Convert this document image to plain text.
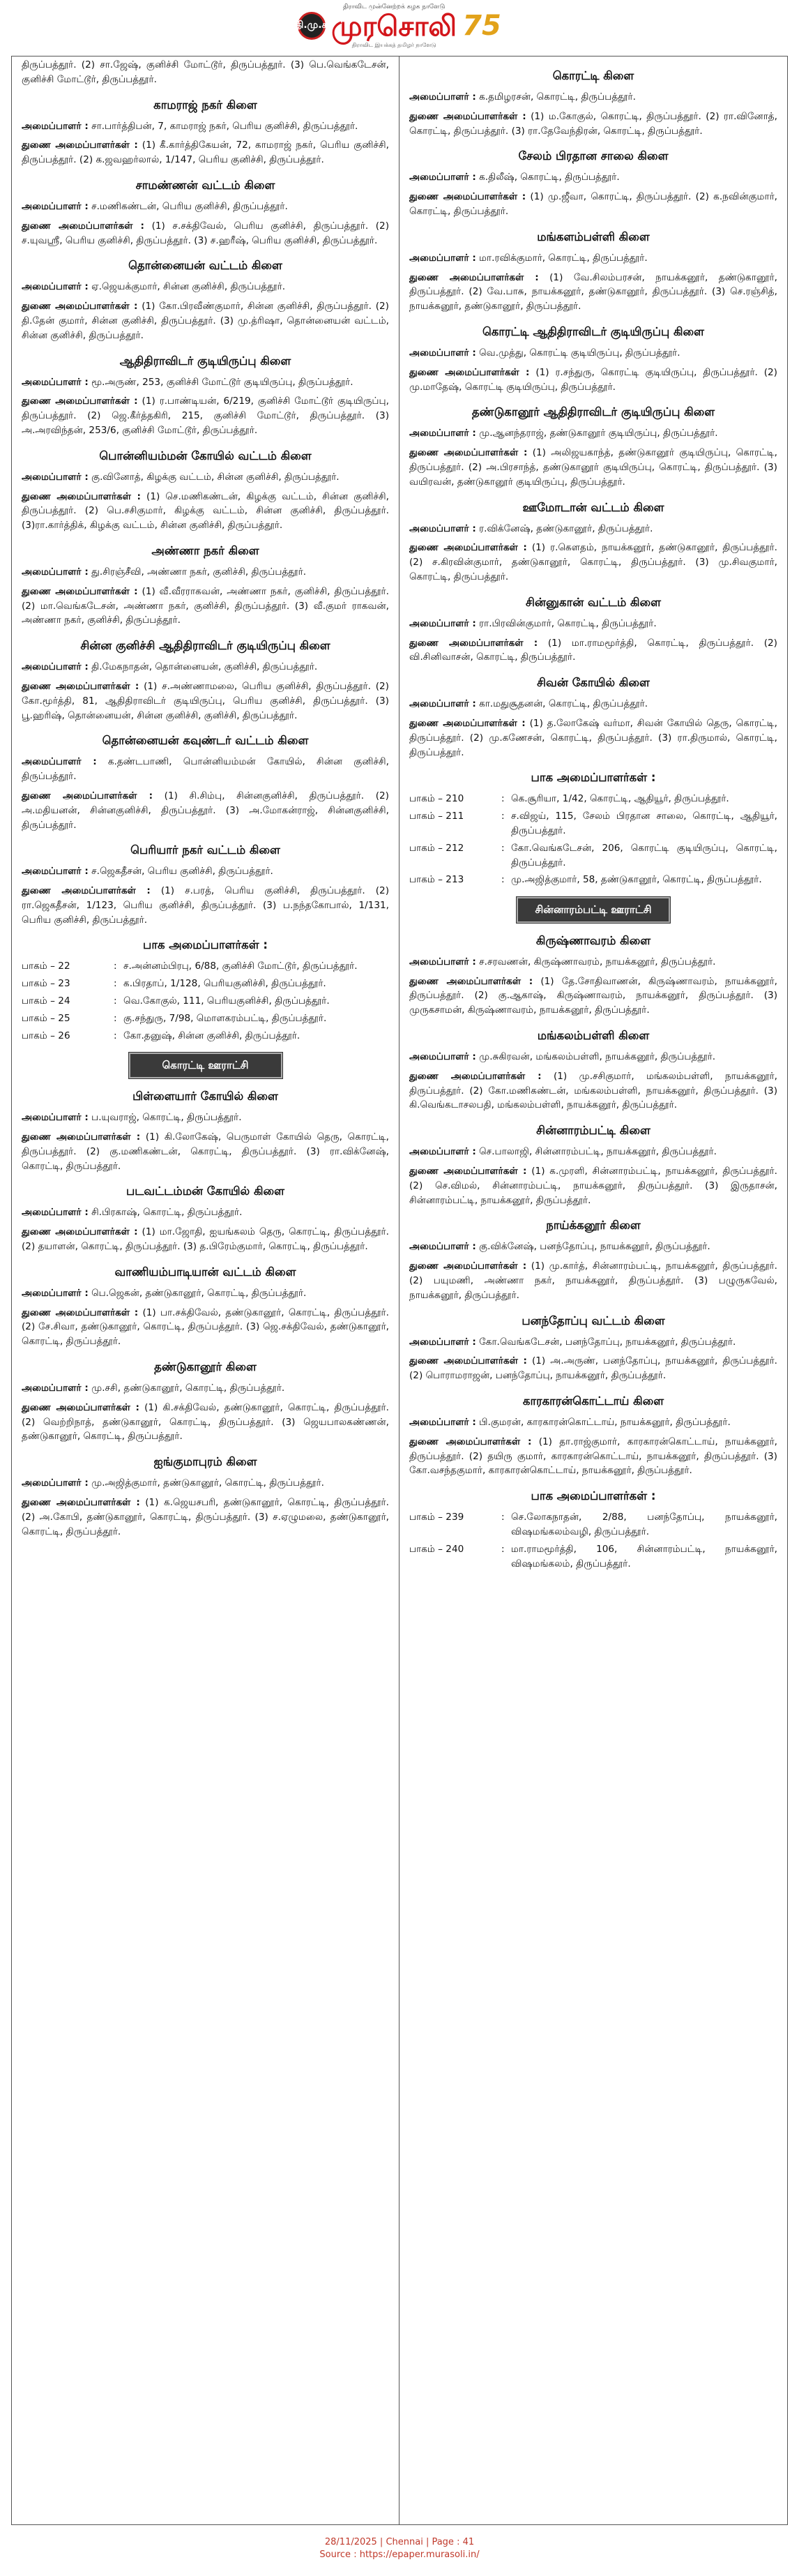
தி.மு.க
திராவிட முன்னேற்றக் கழக நாளேடு
முரசொலி
திராவிட இயக்கத் தமிழர் நாளேடு
75
திருப்பத்தூர். (2) சா.ஜேஷ், குனிச்சி மோட்டூர், திருப்பத்தூர். (3) பெ.வெங்கடேசன், குனிச்சி மோட்டூர், திருப்பத்தூர்.
காமராஜ் நகர் கிளை
அமைப்பாளர் : சா.பார்த்திபன், 7, காமராஜ் நகர், பெரிய குனிச்சி, திருப்பத்தூர்.
துணை அமைப்பாளர்கள் : (1) கீ.கார்த்திகேயன், 72, காமராஜ் நகர், பெரிய குனிச்சி, திருப்பத்தூர். (2) க.ஜவஹர்லால், 1/147, பெரிய குனிச்சி, திருப்பத்தூர்.
சாமண்ணன் வட்டம் கிளை
அமைப்பாளர் : ச.மணிகண்டன், பெரிய குனிச்சி, திருப்பத்தூர்.
துணை அமைப்பாளர்கள் : (1) ச.சக்திவேல், பெரிய குனிச்சி, திருப்பத்தூர். (2) ச.யுவஸ்ரீ, பெரிய குனிச்சி, திருப்பத்தூர். (3) ச.ஹரீஷ், பெரிய குனிச்சி, திருப்பத்தூர்.
தொன்னையன் வட்டம் கிளை
அமைப்பாளர் : ஏ.ஜெயக்குமார், சின்ன குனிச்சி, திருப்பத்தூர்.
துணை அமைப்பாளர்கள் : (1) கோ.பிரவீண்குமார், சின்ன குனிச்சி, திருப்பத்தூர். (2) தி.தேன் குமார், சின்ன குனிச்சி, திருப்பத்தூர். (3) மு.த்ரிஷா, தொன்னையன் வட்டம், சின்ன குனிச்சி, திருப்பத்தூர்.
ஆதிதிராவிடர் குடியிருப்பு கிளை
அமைப்பாளர் : மூ.அருண், 253, குனிச்சி மோட்டூர் குடியிருப்பு, திருப்பத்தூர்.
துணை அமைப்பாளர்கள் : (1) ர.பாண்டியன், 6/219, குனிச்சி மோட்டூர் குடியிருப்பு, திருப்பத்தூர். (2) ஜெ.கீர்த்தகிரி, 215, குனிச்சி மோட்டூர், திருப்பத்தூர். (3) அ.அரவிந்தன், 253/6, குனிச்சி மோட்டூர், திருப்பத்தூர்.
பொன்னியம்மன் கோயில் வட்டம் கிளை
அமைப்பாளர் : கு.வினோத், கிழக்கு வட்டம், சின்ன குனிச்சி, திருப்பத்தூர்.
துணை அமைப்பாளர்கள் : (1) செ.மணிகண்டன், கிழக்கு வட்டம், சின்ன குனிச்சி, திருப்பத்தூர். (2) பெ.சசிகுமார், கிழக்கு வட்டம், சின்ன குனிச்சி, திருப்பத்தூர். (3)ரா.கார்த்திக், கிழக்கு வட்டம், சின்ன குனிச்சி, திருப்பத்தூர்.
அண்ணா நகர் கிளை
அமைப்பாளர் : து.சிரஞ்சீவி, அண்ணா நகர், குனிச்சி, திருப்பத்தூர்.
துணை அமைப்பாளர்கள் : (1) வீ.வீரராகவன், அண்ணா நகர், குனிச்சி, திருப்பத்தூர். (2) மா.வெங்கடேசன், அண்ணா நகர், குனிச்சி, திருப்பத்தூர். (3) வீ.குமர் ராகவன், அண்ணா நகர், குனிச்சி, திருப்பத்தூர்.
சின்ன குனிச்சி ஆதிதிராவிடர் குடியிருப்பு கிளை
அமைப்பாளர் : தி.மேகநாதன், தொன்னையன், குனிச்சி, திருப்பத்தூர்.
துணை அமைப்பாளர்கள் : (1) ச.அண்ணாமலை, பெரிய குனிச்சி, திருப்பத்தூர். (2) கோ.மூர்த்தி, 81, ஆதிதிராவிடர் குடியிருப்பு, பெரிய குனிச்சி, திருப்பத்தூர். (3) பூ.ஹரிஷ், தொன்னையன், சின்ன குனிச்சி, குனிச்சி, திருப்பத்தூர்.
தொன்னையன் கவுண்டர் வட்டம் கிளை
அமைப்பாளர் : க.தண்டபாணி, பொன்னியம்மன் கோயில், சின்ன குனிச்சி, திருப்பத்தூர்.
துணை அமைப்பாளர்கள் : (1) சி.சிம்பு, சின்னகுனிச்சி, திருப்பத்தூர். (2) அ.மதியனன், சின்னகுனிச்சி, திருப்பத்தூர். (3) அ.மோகன்ராஜ், சின்னகுனிச்சி, திருப்பத்தூர்.
பெரியார் நகர் வட்டம் கிளை
அமைப்பாளர் : ச.ஜெகதீசன், பெரிய குனிச்சி, திருப்பத்தூர்.
துணை அமைப்பாளர்கள் : (1) ச.பரத், பெரிய குனிச்சி, திருப்பத்தூர். (2) ரா.ஜெகதீசன், 1/123, பெரிய குனிச்சி, திருப்பத்தூர். (3) ப.நந்தகோபால், 1/131, பெரிய குனிச்சி, திருப்பத்தூர்.
பாக அமைப்பாளர்கள் :
பாகம் – 22	: ச.அன்னம்பிரபு, 6/88, குனிச்சி மோட்டூர், திருப்பத்தூர்.
பாகம் – 23	: க.பிரதாப், 1/128, பெரியகுனிச்சி, திருப்பத்தூர்.
பாகம் – 24	: வெ.கோகுல், 111, பெரியகுனிச்சி, திருப்பத்தூர்.
பாகம் – 25	: கு.சந்துரு, 7/98, மொளகரம்பட்டி, திருப்பத்தூர்.
பாகம் – 26	: கோ.தனுஷ், சின்ன குனிச்சி, திருப்பத்தூர்.
கொரட்டி ஊராட்சி
பிள்ளையார் கோயில் கிளை
அமைப்பாளர் : ப.யுவராஜ், கொரட்டி, திருப்பத்தூர்.
துணை அமைப்பாளர்கள் : (1) கி.லோகேஷ், பெருமாள் கோயில் தெரு, கொரட்டி, திருப்பத்தூர். (2) கு.மணிகண்டன், கொரட்டி, திருப்பத்தூர். (3) ரா.விக்னேஷ், கொரட்டி, திருப்பத்தூர்.
படவட்டம்மன் கோயில் கிளை
அமைப்பாளர் : சி.பிரகாஷ், கொரட்டி, திருப்பத்தூர்.
துணை அமைப்பாளர்கள் : (1) மா.ஜோதி, ஐயங்கலம் தெரு, கொரட்டி, திருப்பத்தூர். (2) தயாளன், கொரட்டி, திருப்பத்தூர். (3) த.பிரேம்குமார், கொரட்டி, திருப்பத்தூர்.
வாணியம்பாடியான் வட்டம் கிளை
அமைப்பாளர் : பெ.ஜெகன், தண்டுகானூர், கொரட்டி, திருப்பத்தூர்.
துணை அமைப்பாளர்கள் : (1) பா.சக்திவேல், தண்டுகானூர், கொரட்டி, திருப்பத்தூர். (2) சே.சிவா, தண்டுகானூர், கொரட்டி, திருப்பத்தூர். (3) ஜெ.சக்திவேல், தண்டுகானூர், கொரட்டி, திருப்பத்தூர்.
தண்டுகானூர் கிளை
அமைப்பாளர் : மு.சசி, தண்டுகானூர், கொரட்டி, திருப்பத்தூர்.
துணை அமைப்பாளர்கள் : (1) கி.சக்திவேல், தண்டுகானூர், கொரட்டி, திருப்பத்தூர். (2) வெற்றிநாத், தண்டுகானூர், கொரட்டி, திருப்பத்தூர். (3) ஜெயபாலகண்ணன், தண்டுகானூர், கொரட்டி, திருப்பத்தூர்.
ஐங்குமாபுரம் கிளை
அமைப்பாளர் : மு.அஜித்குமார், தண்டுகானூர், கொரட்டி, திருப்பத்தூர்.
துணை அமைப்பாளர்கள் : (1) க.ஜெயசபரி, தண்டுகானூர், கொரட்டி, திருப்பத்தூர். (2) அ.கோபி, தண்டுகானூர், கொரட்டி, திருப்பத்தூர். (3) ச.ஏழுமலை, தண்டுகானூர், கொரட்டி, திருப்பத்தூர்.
கொரட்டி கிளை
அமைப்பாளர் : க.தமிழரசன், கொரட்டி, திருப்பத்தூர்.
துணை அமைப்பாளர்கள் : (1) ம.கோகுல், கொரட்டி, திருப்பத்தூர். (2) ரா.வினோத், கொரட்டி, திருப்பத்தூர். (3) ரா.தேவேந்திரன், கொரட்டி, திருப்பத்தூர்.
சேலம் பிரதான சாலை கிளை
அமைப்பாளர் : க.திலீஷ், கொரட்டி, திருப்பத்தூர்.
துணை அமைப்பாளர்கள் : (1) மு.ஜீவா, கொரட்டி, திருப்பத்தூர். (2) க.நவின்குமார், கொரட்டி, திருப்பத்தூர்.
மங்களம்பள்ளி கிளை
அமைப்பாளர் : மா.ரவிக்குமார், கொரட்டி, திருப்பத்தூர்.
துணை அமைப்பாளர்கள் : (1) வே.சிலம்பரசன், நாயக்கனூர், தண்டுகானூர், திருப்பத்தூர். (2) வே.பாசு, நாயக்கனூர், தண்டுகானூர், திருப்பத்தூர். (3) செ.ரஞ்சித், நாயக்கனூர், தண்டுகானூர், திருப்பத்தூர்.
கொரட்டி ஆதிதிராவிடர் குடியிருப்பு கிளை
அமைப்பாளர் : வெ.முத்து, கொரட்டி குடியிருப்பு, திருப்பத்தூர்.
துணை அமைப்பாளர்கள் : (1) ர.சந்துரு, கொரட்டி குடியிருப்பு, திருப்பத்தூர். (2) மு.மாதேஷ், கொரட்டி குடியிருப்பு, திருப்பத்தூர்.
தண்டுகானூர் ஆதிதிராவிடர் குடியிருப்பு கிளை
அமைப்பாளர் : மு.ஆனந்தராஜ், தண்டுகானூர் குடியிருப்பு, திருப்பத்தூர்.
துணை அமைப்பாளர்கள் : (1) அலிஜயகாந்த், தண்டுகானூர் குடியிருப்பு, கொரட்டி, திருப்பத்தூர். (2) அ.பிரசாந்த், தண்டுகானூர் குடியிருப்பு, கொரட்டி, திருப்பத்தூர். (3) வயிரவன், தண்டுகானூர் குடியிருப்பு, திருப்பத்தூர்.
ஊமோடான் வட்டம் கிளை
அமைப்பாளர் : ர.விக்னேஷ், தண்டுகானூர், திருப்பத்தூர்.
துணை அமைப்பாளர்கள் : (1) ர.கௌதம், நாயக்கனூர், தண்டுகானூர், திருப்பத்தூர். (2) ச.கிரவின்குமார், தண்டுகானூர், கொரட்டி, திருப்பத்தூர். (3) மு.சிவகுமார், கொரட்டி, திருப்பத்தூர்.
சின்னுகான் வட்டம் கிளை
அமைப்பாளர் : ரா.பிரவின்குமார், கொரட்டி, திருப்பத்தூர்.
துணை அமைப்பாளர்கள் : (1) மா.ராமமூர்த்தி, கொரட்டி, திருப்பத்தூர். (2) வி.சினிவாசன், கொரட்டி, திருப்பத்தூர்.
சிவன் கோயில் கிளை
அமைப்பாளர் : கா.மதுசூதனன், கொரட்டி, திருப்பத்தூர்.
துணை அமைப்பாளர்கள் : (1) த.லோகேஷ் வர்மா, சிவன் கோயில் தெரு, கொரட்டி, திருப்பத்தூர். (2) மு.கணேசன், கொரட்டி, திருப்பத்தூர். (3) ரா.திருமால், கொரட்டி, திருப்பத்தூர்.
பாக அமைப்பாளர்கள் :
பாகம் – 210	: கெ.சூரியா, 1/42, கொரட்டி, ஆதியூர், திருப்பத்தூர்.
பாகம் – 211	: ச.விஜய், 115, சேலம் பிரதான சாலை, கொரட்டி, ஆதியூர், திருப்பத்தூர்.
பாகம் – 212	: கோ.வெங்கடேசன், 206, கொரட்டி குடியிருப்பு, கொரட்டி, திருப்பத்தூர்.
பாகம் – 213	: மு.அஜித்குமார், 58, தண்டுகானூர், கொரட்டி, திருப்பத்தூர்.
சின்னாரம்பட்டி ஊராட்சி
கிருஷ்ணாவரம் கிளை
அமைப்பாளர் : ச.சரவணன், கிருஷ்ணாவரம், நாயக்கனூர், திருப்பத்தூர்.
துணை அமைப்பாளர்கள் : (1) தே.சோதிவாணன், கிருஷ்ணாவரம், நாயக்கனூர், திருப்பத்தூர். (2) கு.ஆகாஷ், கிருஷ்ணாவரம், நாயக்கனூர், திருப்பத்தூர். (3) முருகசாமன், கிருஷ்ணாவரம், நாயக்கனூர், திருப்பத்தூர்.
மங்கலம்பள்ளி கிளை
அமைப்பாளர் : மு.சுகிரவன், மங்கலம்பள்ளி, நாயக்கனூர், திருப்பத்தூர்.
துணை அமைப்பாளர்கள் : (1) மு.சசிகுமார், மங்கலம்பள்ளி, நாயக்கனூர், திருப்பத்தூர். (2) கோ.மணிகண்டன், மங்கலம்பள்ளி, நாயக்கனூர், திருப்பத்தூர். (3) கி.வெங்கடாசலபதி, மங்கலம்பள்ளி, நாயக்கனூர், திருப்பத்தூர்.
சின்னாரம்பட்டி கிளை
அமைப்பாளர் : செ.பாலாஜி, சின்னாரம்பட்டி, நாயக்கனூர், திருப்பத்தூர்.
துணை அமைப்பாளர்கள் : (1) க.முரளி, சின்னாரம்பட்டி, நாயக்கனூர், திருப்பத்தூர். (2) செ.விமல், சின்னாரம்பட்டி, நாயக்கனூர், திருப்பத்தூர். (3) இருதாசன், சின்னாரம்பட்டி, நாயக்கனூர், திருப்பத்தூர்.
நாய்க்கனூர் கிளை
அமைப்பாளர் : கு.விக்னேஷ், பனந்தோப்பு, நாயக்கனூர், திருப்பத்தூர்.
துணை அமைப்பாளர்கள் : (1) மு.கார்த், சின்னாரம்பட்டி, நாயக்கனூர், திருப்பத்தூர். (2) பயுமணி, அண்ணா நகர், நாயக்கனூர், திருப்பத்தூர். (3) பழுருகவேல், நாயக்கனூர், திருப்பத்தூர்.
பனந்தோப்பு வட்டம் கிளை
அமைப்பாளர் : கோ.வெங்கடேசன், பனந்தோப்பு, நாயக்கனூர், திருப்பத்தூர்.
துணை அமைப்பாளர்கள் : (1) அ.அருண், பனந்தோப்பு, நாயக்கனூர், திருப்பத்தூர். (2) பொராமராஜன், பனந்தோப்பு, நாயக்கனூர், திருப்பத்தூர்.
காரகாரன்கொட்டாய் கிளை
அமைப்பாளர் : பி.குமரன், காரகாரன்கொட்டாய், நாயக்கனூர், திருப்பத்தூர்.
துணை அமைப்பாளர்கள் : (1) தா.ராஜ்குமார், காரகாரன்கொட்டாய், நாயக்கனூர், திருப்பத்தூர். (2) தயிரு குமார், காரகாரன்கொட்டாய், நாயக்கனூர், திருப்பத்தூர். (3) கோ.வசந்தகுமார், காரகாரன்கொட்டாய், நாயக்கனூர், திருப்பத்தூர்.
பாக அமைப்பாளர்கள் :
பாகம் – 239	: செ.லோகநாதன், 2/88, பனந்தோப்பு, நாயக்கனூர், விஷமங்கலம்வழி, திருப்பத்தூர்.
பாகம் – 240	: மா.ராமமூர்த்தி, 106, சின்னாரம்பட்டி, நாயக்கனூர், விஷமங்கலம், திருப்பத்தூர்.
28/11/2025 | Chennai | Page : 41
Source : https://epaper.murasoli.in/
